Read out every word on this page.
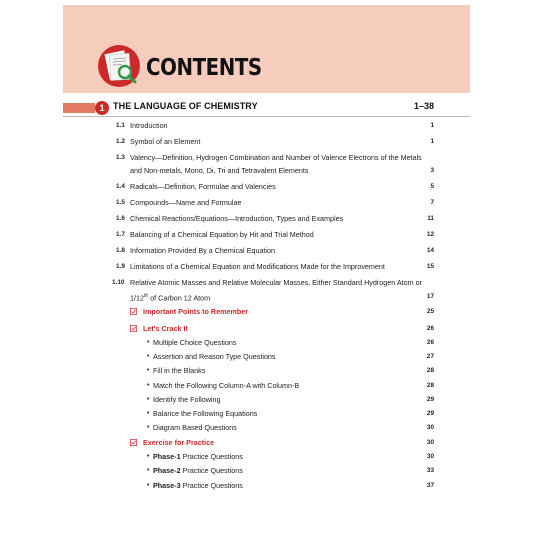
CONTENTS
1 THE LANGUAGE OF CHEMISTRY	1–38
1.1 Introduction	1
1.2 Symbol of an Element	1
1.3 Valency—Definition, Hydrogen Combination and Number of Valence Electrons of the Metals
and Non-metals, Mono, Di, Tri and Tetravalent Elements	3
1.4 Radicals—Definition, Formulae and Valencies	5
1.5 Compounds—Name and Formulae	7
1.6 Chemical Reactions/Equations—Introduction, Types and Examples	11
1.7 Balancing of a Chemical Equation by Hit and Trial Method	12
1.8 Information Provided By a Chemical Equation	14
1.9 Limitations of a Chemical Equation and Modifications Made for the Improvement	15
1.10 Relative Atomic Masses and Relative Molecular Masses, Either Standard Hydrogen Atom or
1/12th of Carbon 12 Atom	17
Important Points to Remember	25
Let's Crack It	26
• Multiple Choice Questions	26
• Assertion and Reason Type Questions	27
• Fill in the Blanks	28
• Match the Following Column-A with Column-B	28
• Identify the Following	29
• Balance the Following Equations	29
• Diagram Based Questions	30
Exercise for Practice	30
• Phase-1 Practice Questions	30
• Phase-2 Practice Questions	33
• Phase-3 Practice Questions	37
